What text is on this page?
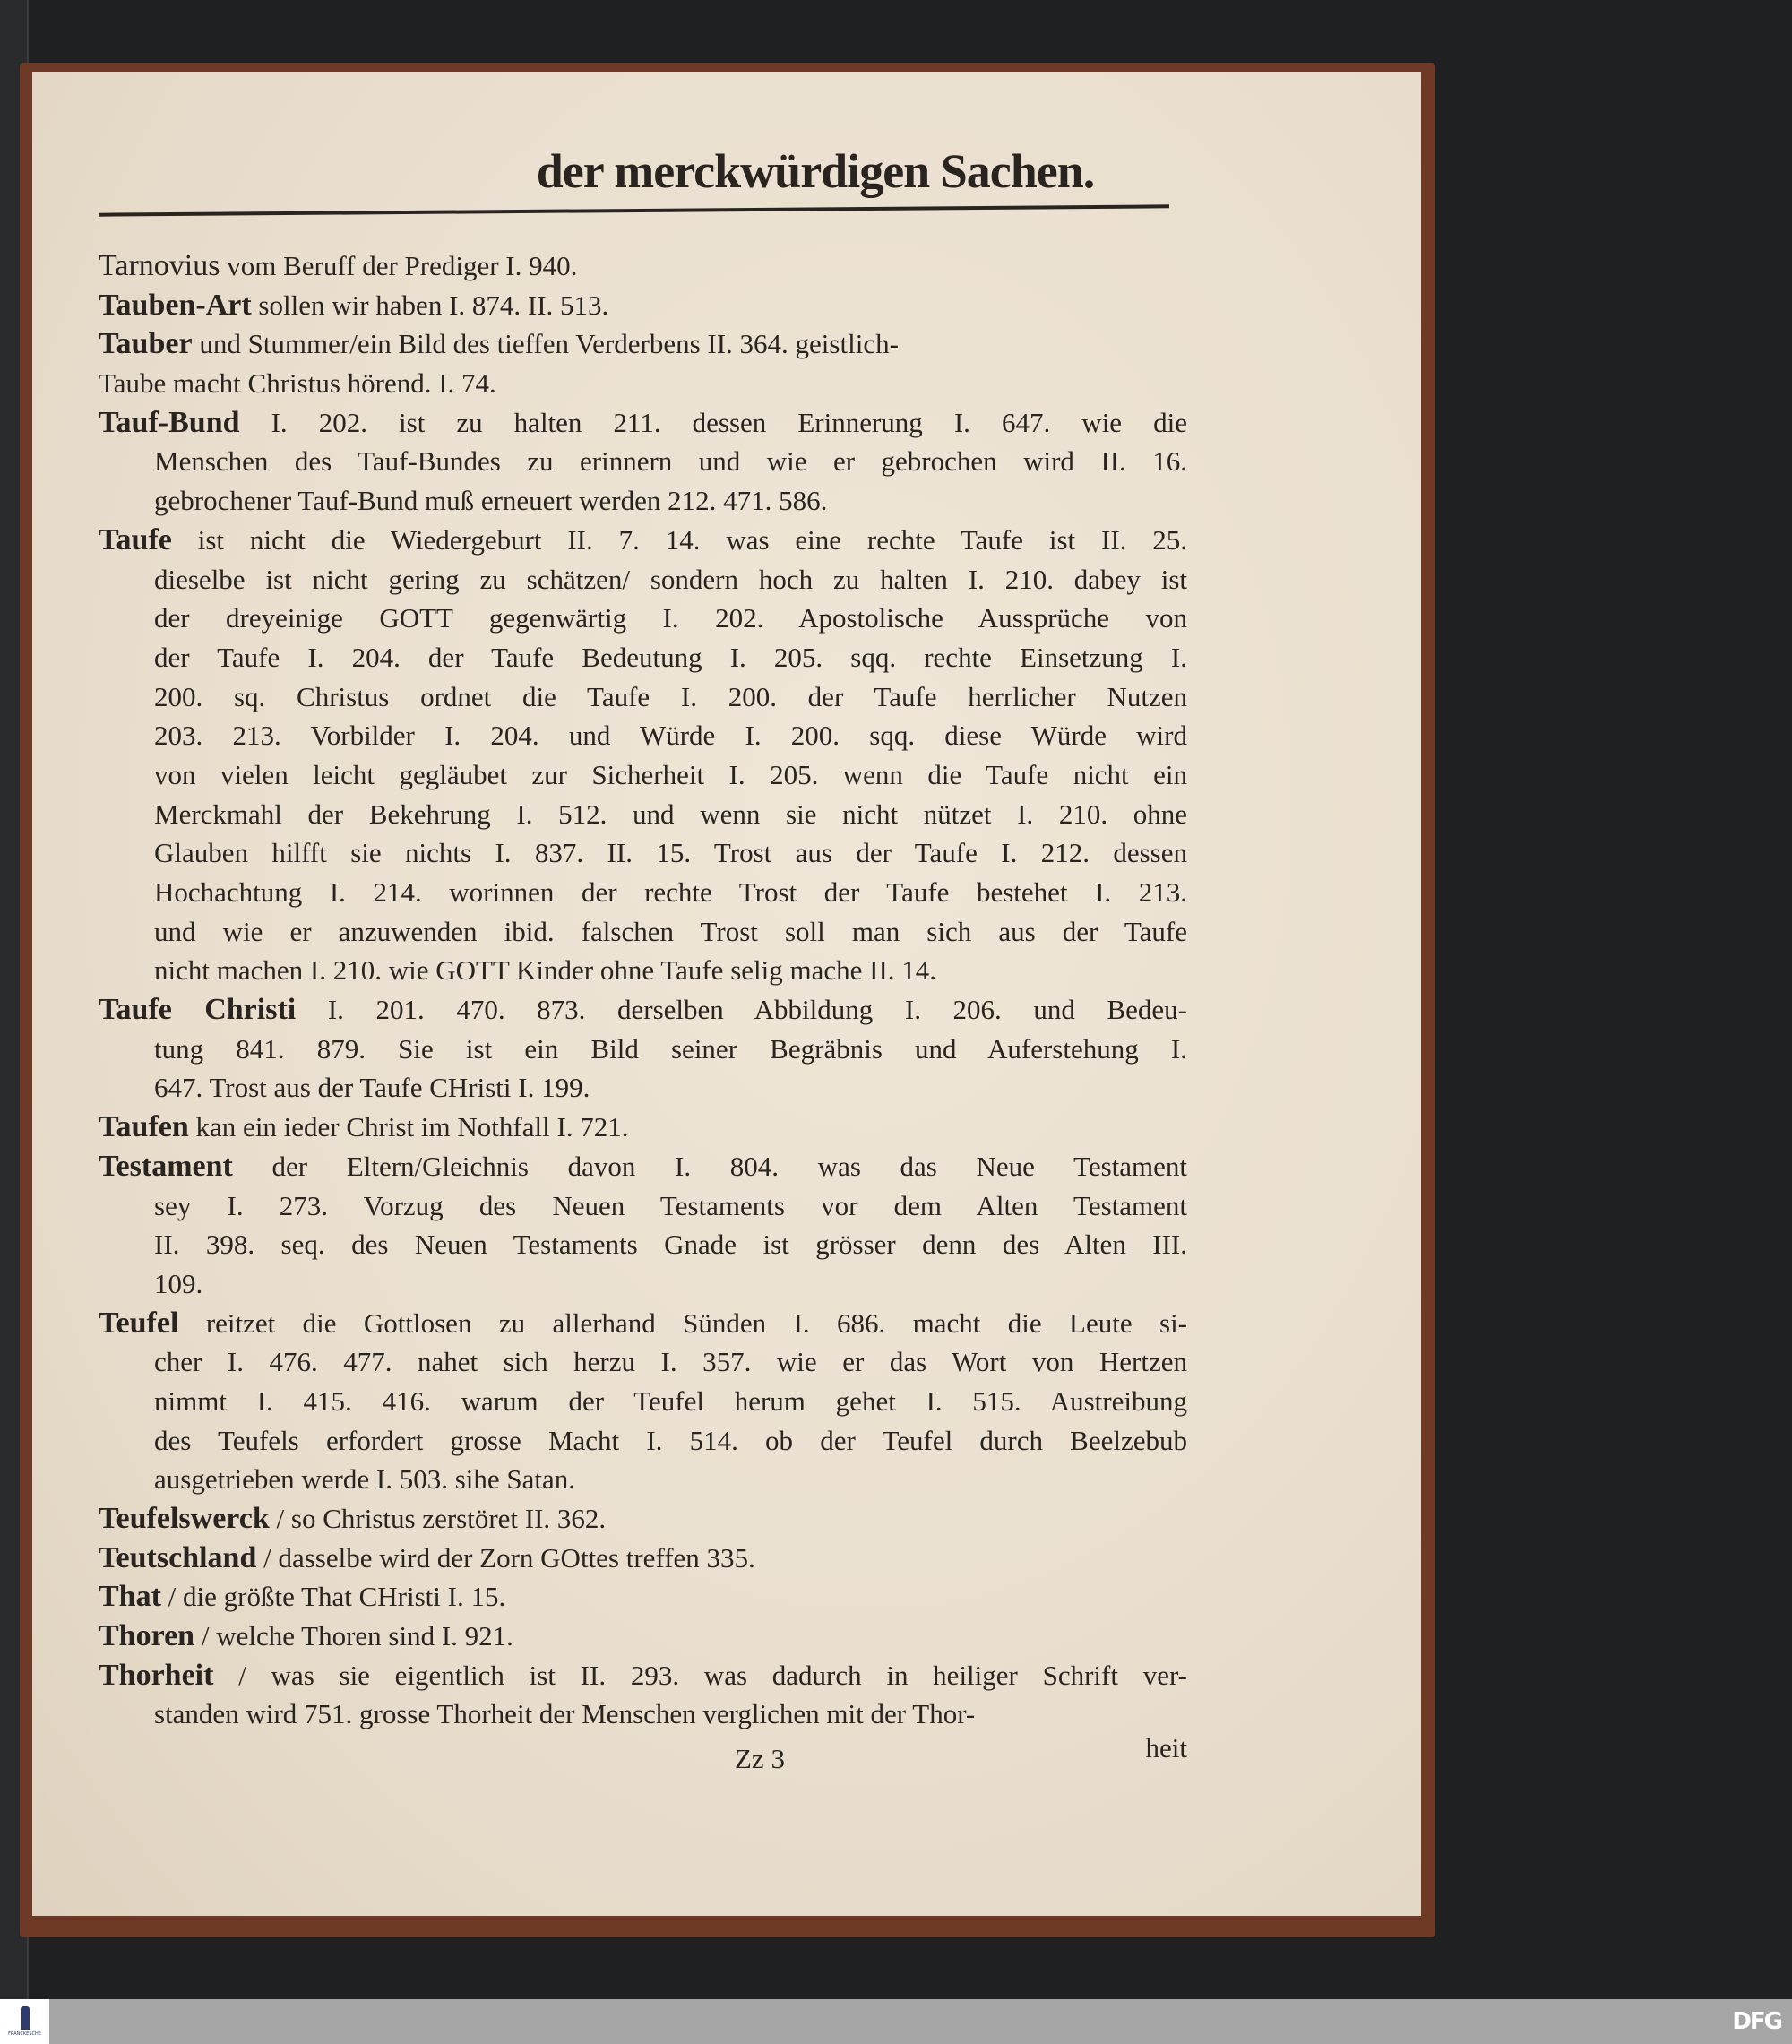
der merckwürdigen Sachen.
Tarnovius vom Beruff der Prediger I. 940.
Tauben-Art sollen wir haben I. 874. II. 513.
Tauber und Stummer/ein Bild des tieffen Verderbens II. 364. geistlich-
Taube macht Christus hörend. I. 74.
Tauf-Bund I. 202. ist zu halten 211. dessen Erinnerung I. 647. wie die
Menschen des Tauf-Bundes zu erinnern und wie er gebrochen wird II. 16.
gebrochener Tauf-Bund muß erneuert werden 212. 471. 586.
Taufe ist nicht die Wiedergeburt II. 7. 14. was eine rechte Taufe ist II. 25.
dieselbe ist nicht gering zu schätzen/ sondern hoch zu halten I. 210. dabey ist
der dreyeinige GOTT gegenwärtig I. 202. Apostolische Aussprüche von
der Taufe I. 204. der Taufe Bedeutung I. 205. sqq. rechte Einsetzung I.
200. sq. Christus ordnet die Taufe I. 200. der Taufe herrlicher Nutzen
203. 213. Vorbilder I. 204. und Würde I. 200. sqq. diese Würde wird
von vielen leicht gegläubet zur Sicherheit I. 205. wenn die Taufe nicht ein
Merckmahl der Bekehrung I. 512. und wenn sie nicht nützet I. 210. ohne
Glauben hilfft sie nichts I. 837. II. 15. Trost aus der Taufe I. 212. dessen
Hochachtung I. 214. worinnen der rechte Trost der Taufe bestehet I. 213.
und wie er anzuwenden ibid. falschen Trost soll man sich aus der Taufe
nicht machen I. 210. wie GOTT Kinder ohne Taufe selig mache II. 14.
Taufe Christi I. 201. 470. 873. derselben Abbildung I. 206. und Bedeu-
tung 841. 879. Sie ist ein Bild seiner Begräbnis und Auferstehung I.
647. Trost aus der Taufe CHristi I. 199.
Taufen kan ein ieder Christ im Nothfall I. 721.
Testament der Eltern/Gleichnis davon I. 804. was das Neue Testament
sey I. 273. Vorzug des Neuen Testaments vor dem Alten Testament
II. 398. seq. des Neuen Testaments Gnade ist grösser denn des Alten III.
109.
Teufel reitzet die Gottlosen zu allerhand Sünden I. 686. macht die Leute si-
cher I. 476. 477. nahet sich herzu I. 357. wie er das Wort von Hertzen
nimmt I. 415. 416. warum der Teufel herum gehet I. 515. Austreibung
des Teufels erfordert grosse Macht I. 514. ob der Teufel durch Beelzebub
ausgetrieben werde I. 503. sihe Satan.
Teufelswerck / so Christus zerstöret II. 362.
Teutschland / dasselbe wird der Zorn GOttes treffen 335.
That / die größte That CHristi I. 15.
Thoren / welche Thoren sind I. 921.
Thorheit / was sie eigentlich ist II. 293. was dadurch in heiliger Schrift ver-
standen wird 751. grosse Thorheit der Menschen verglichen mit der Thor-
Zz 3	heit
FRANCKESCHE	DFG
